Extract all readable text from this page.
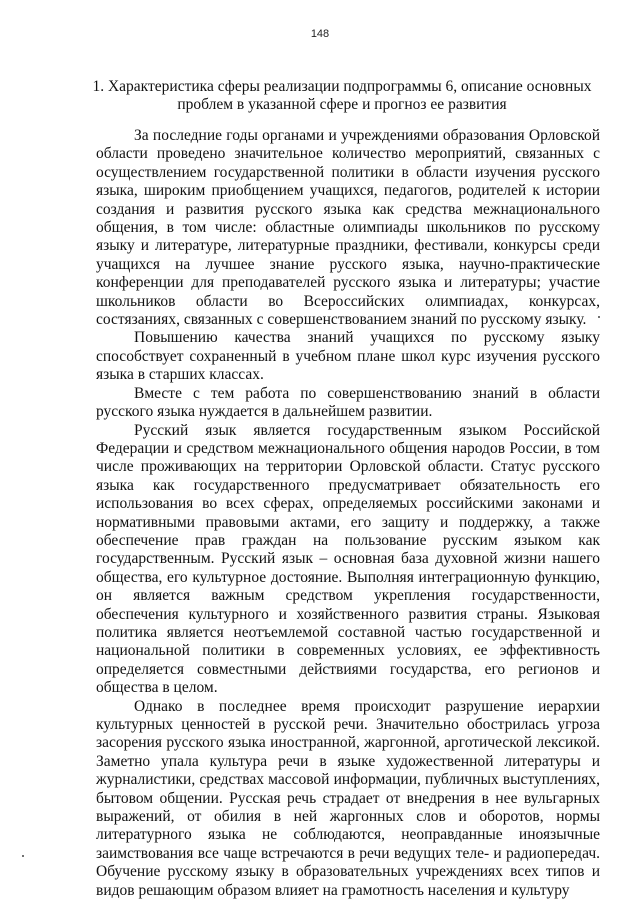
148
1. Характеристика сферы реализации подпрограммы 6, описание основных
проблем в указанной сфере и прогноз ее развития

За последние годы органами и учреждениями образования Орловской области проведено значительное количество мероприятий, связанных с осуществлением государственной политики в области изучения русского языка, широким приобщением учащихся, педагогов, родителей к истории создания и развития русского языка как средства межнационального общения, в том числе: областные олимпиады школьников по русскому языку и литературе, литературные праздники, фестивали, конкурсы среди учащихся на лучшее знание русского языка, научно-практические конференции для преподавателей русского языка и литературы; участие школьников области во Всероссийских олимпиадах, конкурсах, состязаниях, связанных с совершенствованием знаний по русскому языку.

Повышению качества знаний учащихся по русскому языку способствует сохраненный в учебном плане школ курс изучения русского языка в старших классах.

Вместе с тем работа по совершенствованию знаний в области русского языка нуждается в дальнейшем развитии.

Русский язык является государственным языком Российской Федерации и средством межнационального общения народов России, в том числе проживающих на территории Орловской области. Статус русского языка как государственного предусматривает обязательность его использования во всех сферах, определяемых российскими законами и нормативными правовыми актами, его защиту и поддержку, а также обеспечение прав граждан на пользование русским языком как государственным. Русский язык – основная база духовной жизни нашего общества, его культурное достояние. Выполняя интеграционную функцию, он является важным средством укрепления государственности, обеспечения культурного и хозяйственного развития страны. Языковая политика является неотъемлемой составной частью государственной и национальной политики в современных условиях, ее эффективность определяется совместными действиями государства, его регионов и общества в целом.

Однако в последнее время происходит разрушение иерархии культурных ценностей в русской речи. Значительно обострилась угроза засорения русского языка иностранной, жаргонной, арготической лексикой. Заметно упала культура речи в языке художественной литературы и журналистики, средствах массовой информации, публичных выступлениях, бытовом общении. Русская речь страдает от внедрения в нее вульгарных выражений, от обилия в ней жаргонных слов и оборотов, нормы литературного языка не соблюдаются, неоправданные иноязычные заимствования все чаще встречаются в речи ведущих теле- и радиопередач. Обучение русскому языку в образовательных учреждениях всех типов и видов решающим образом влияет на грамотность населения и культуру
